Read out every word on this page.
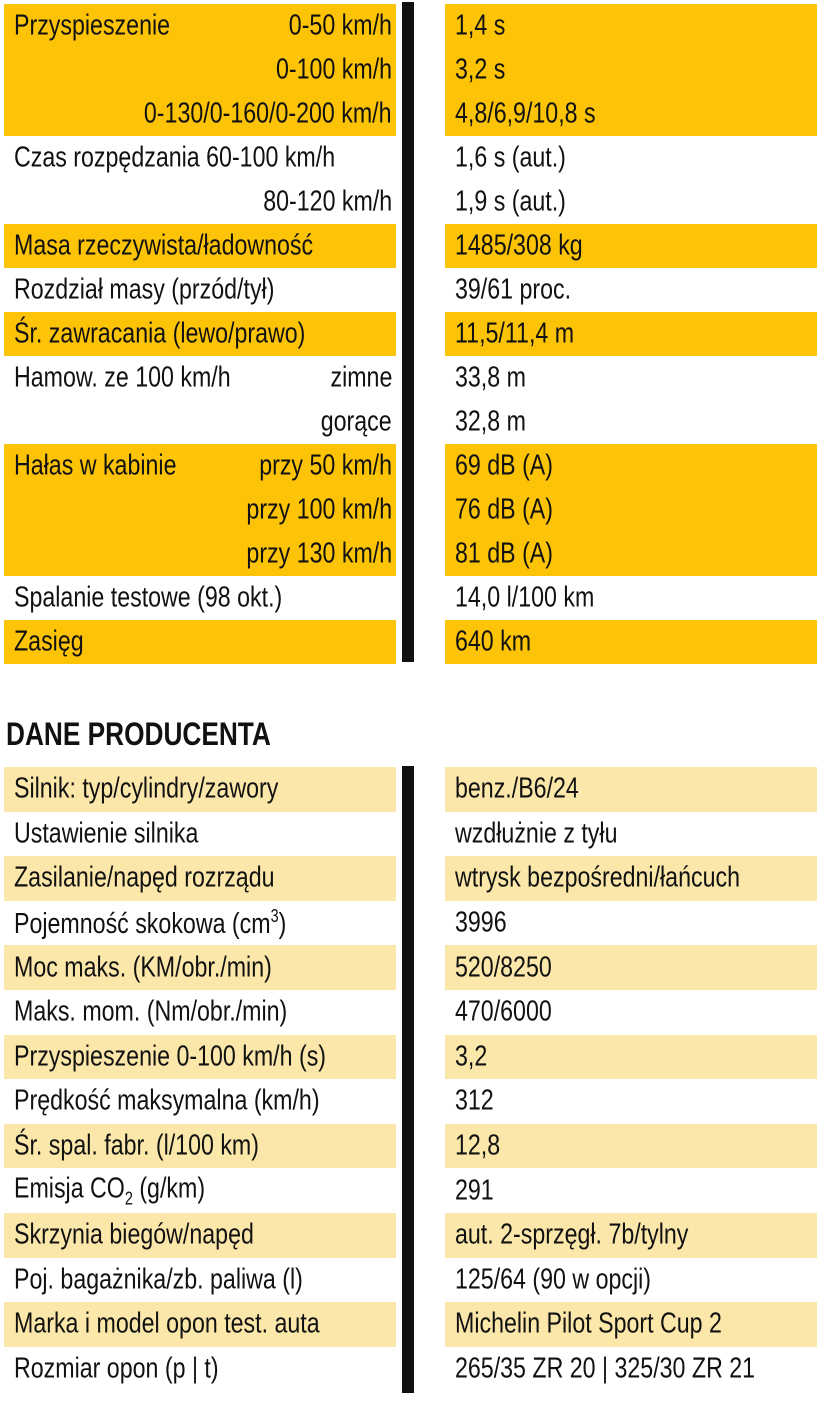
Przyspieszenie	0-50 km/h 1,4 s
0-100 km/h 3,2 s
0-130/0-160/0-200 km/h 4,8/6,9/10,8 s
Czas rozpędzania 60-100 km/h	1,6 s (aut.)
80-120 km/h 1,9 s (aut.)
Masa rzeczywista/ładowność	1485/308 kg
Rozdział masy (przód/tył)	39/61 proc.
Śr. zawracania (lewo/prawo)	11,5/11,4 m
Hamow. ze 100 km/h	zimne 33,8 m
gorące 32,8 m
Hałas w kabinie	przy 50 km/h 69 dB (A)
przy 100 km/h 76 dB (A)
przy 130 km/h 81 dB (A)
Spalanie testowe (98 okt.)	14,0 l/100 km
Zasięg	640 km
DANE PRODUCENTA
Silnik: typ/cylindry/zawory	benz./B6/24
Ustawienie silnika	wzdłużnie z tyłu
Zasilanie/napęd rozrządu	wtrysk bezpośredni/łańcuch
Pojemność skokowa $(cm^3)$	3996
Moc maks. (KM/obr./min)	520/8250
Maks. mom. (Nm/obr./min)	470/6000
Przyspieszenie 0-100 km/h (s)	3,2
Prędkość maksymalna (km/h)	312
Śr. spal. fabr. (l/100 km)	12,8
Emisja $CO_2$ (g/km)	291
Skrzynia biegów/napęd	aut. 2-sprzęgł. 7b/tylny
Poj. bagażnika/zb. paliwa (l)	125/64 (90 w opcji)
Marka i model opon test. auta	Michelin Pilot Sport Cup 2
Rozmiar opon (p | t)	265/35 ZR 20 | 325/30 ZR 21
